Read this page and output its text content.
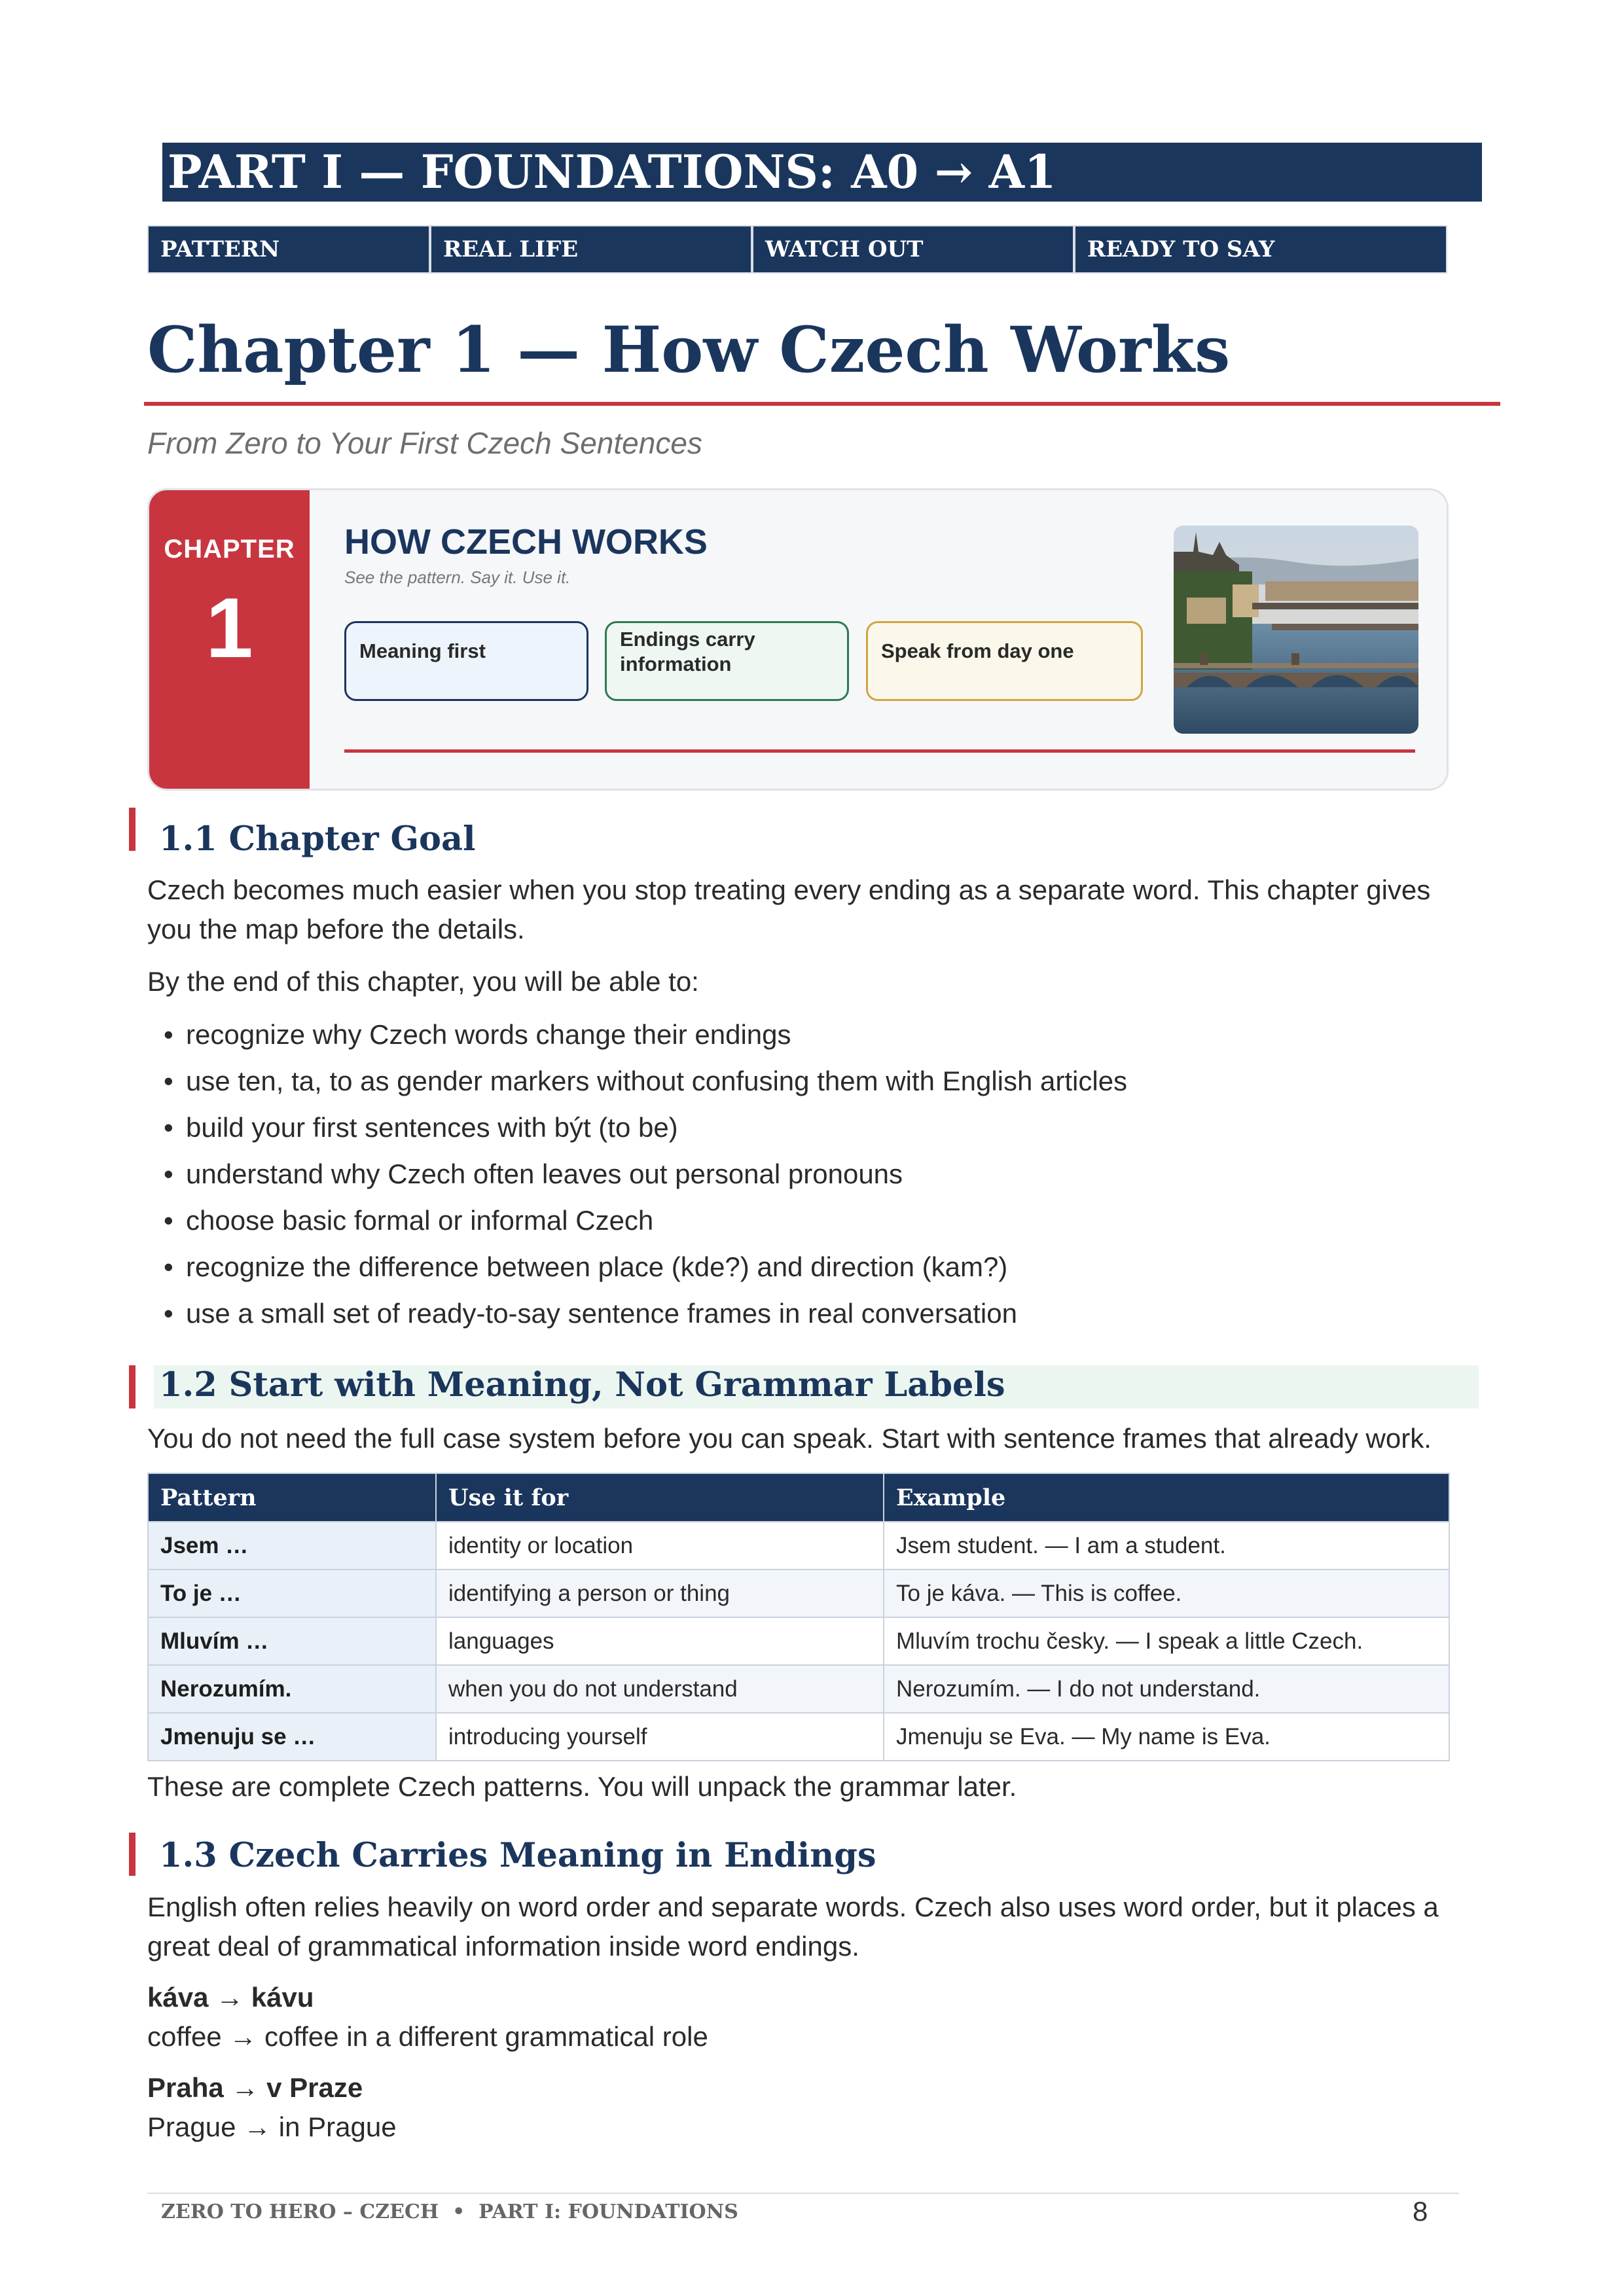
PART I — FOUNDATIONS: A0 → A1
PATTERN	REAL LIFE	WATCH OUT	READY TO SAY
Chapter 1 — How Czech Works
From Zero to Your First Czech Sentences
CHAPTER
1
HOW CZECH WORKS
See the pattern. Say it. Use it.
Meaning first
Endings carry information
Speak from day one
1.1 Chapter Goal
Czech becomes much easier when you stop treating every ending as a separate word. This chapter gives you the map before the details.
By the end of this chapter, you will be able to:
• recognize why Czech words change their endings
• use ten, ta, to as gender markers without confusing them with English articles
• build your first sentences with být (to be)
• understand why Czech often leaves out personal pronouns
• choose basic formal or informal Czech
• recognize the difference between place (kde?) and direction (kam?)
• use a small set of ready-to-say sentence frames in real conversation
1.2 Start with Meaning, Not Grammar Labels
You do not need the full case system before you can speak. Start with sentence frames that already work.
Pattern	Use it for	Example
Jsem …	identity or location	Jsem student. — I am a student.
To je …	identifying a person or thing	To je káva. — This is coffee.
Mluvím …	languages	Mluvím trochu česky. — I speak a little Czech.
Nerozumím.	when you do not understand	Nerozumím. — I do not understand.
Jmenuju se …	introducing yourself	Jmenuju se Eva. — My name is Eva.
These are complete Czech patterns. You will unpack the grammar later.
1.3 Czech Carries Meaning in Endings
English often relies heavily on word order and separate words. Czech also uses word order, but it places a great deal of grammatical information inside word endings.
káva → kávu
coffee → coffee in a different grammatical role
Praha → v Praze
Prague → in Prague
ZERO TO HERO – CZECH  •  PART I: FOUNDATIONS	8
